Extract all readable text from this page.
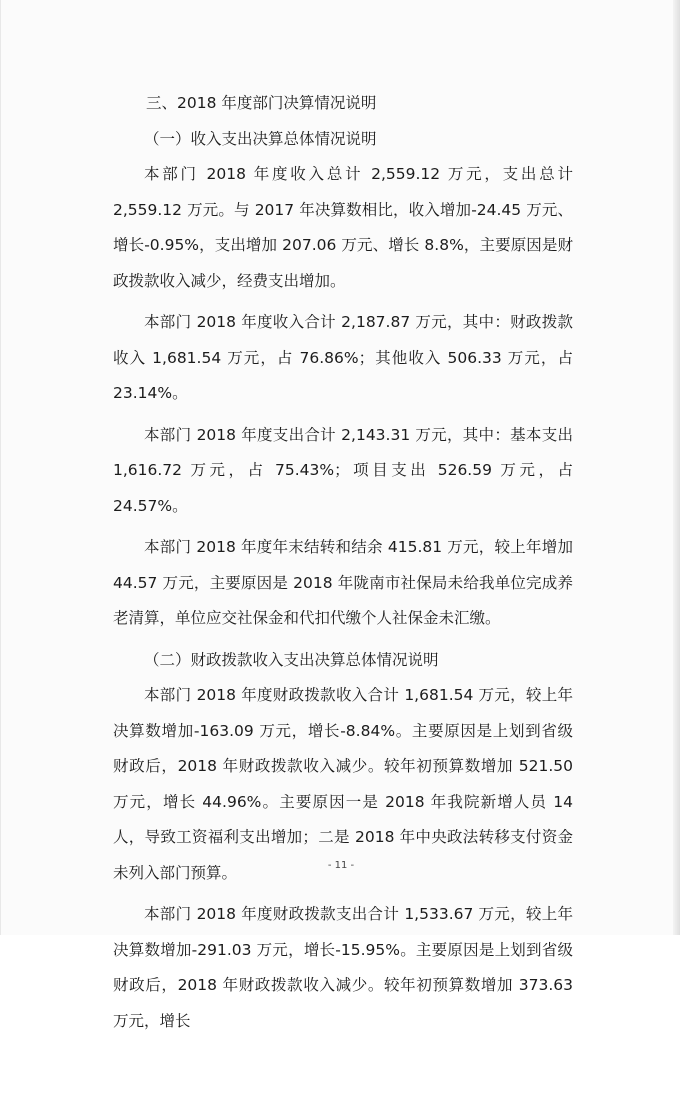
三、2018 年度部门决算情况说明

（一）收入支出决算总体情况说明

本部门 2018 年度收入总计 2,559.12 万元，支出总计 2,559.12 万元。与 2017 年决算数相比，收入增加-24.45 万元、增长-0.95%，支出增加 207.06 万元、增长 8.8%，主要原因是财政拨款收入减少，经费支出增加。

本部门 2018 年度收入合计 2,187.87 万元，其中：财政拨款收入 1,681.54 万元，占 76.86%；其他收入 506.33 万元，占 23.14%。

本部门 2018 年度支出合计 2,143.31 万元，其中：基本支出 1,616.72 万元，占 75.43%；项目支出 526.59 万元，占 24.57%。

本部门 2018 年度年末结转和结余 415.81 万元，较上年增加 44.57 万元，主要原因是 2018 年陇南市社保局未给我单位完成养老清算，单位应交社保金和代扣代缴个人社保金未汇缴。

（二）财政拨款收入支出决算总体情况说明

本部门 2018 年度财政拨款收入合计 1,681.54 万元，较上年决算数增加-163.09 万元，增长-8.84%。主要原因是上划到省级财政后，2018 年财政拨款收入减少。较年初预算数增加 521.50 万元，增长 44.96%。主要原因一是 2018 年我院新增人员 14 人，导致工资福利支出增加；二是 2018 年中央政法转移支付资金未列入部门预算。

本部门 2018 年度财政拨款支出合计 1,533.67 万元，较上年决算数增加-291.03 万元，增长-15.95%。主要原因是上划到省级财政后，2018 年财政拨款收入减少。较年初预算数增加 373.63 万元，增长

- 11 -
